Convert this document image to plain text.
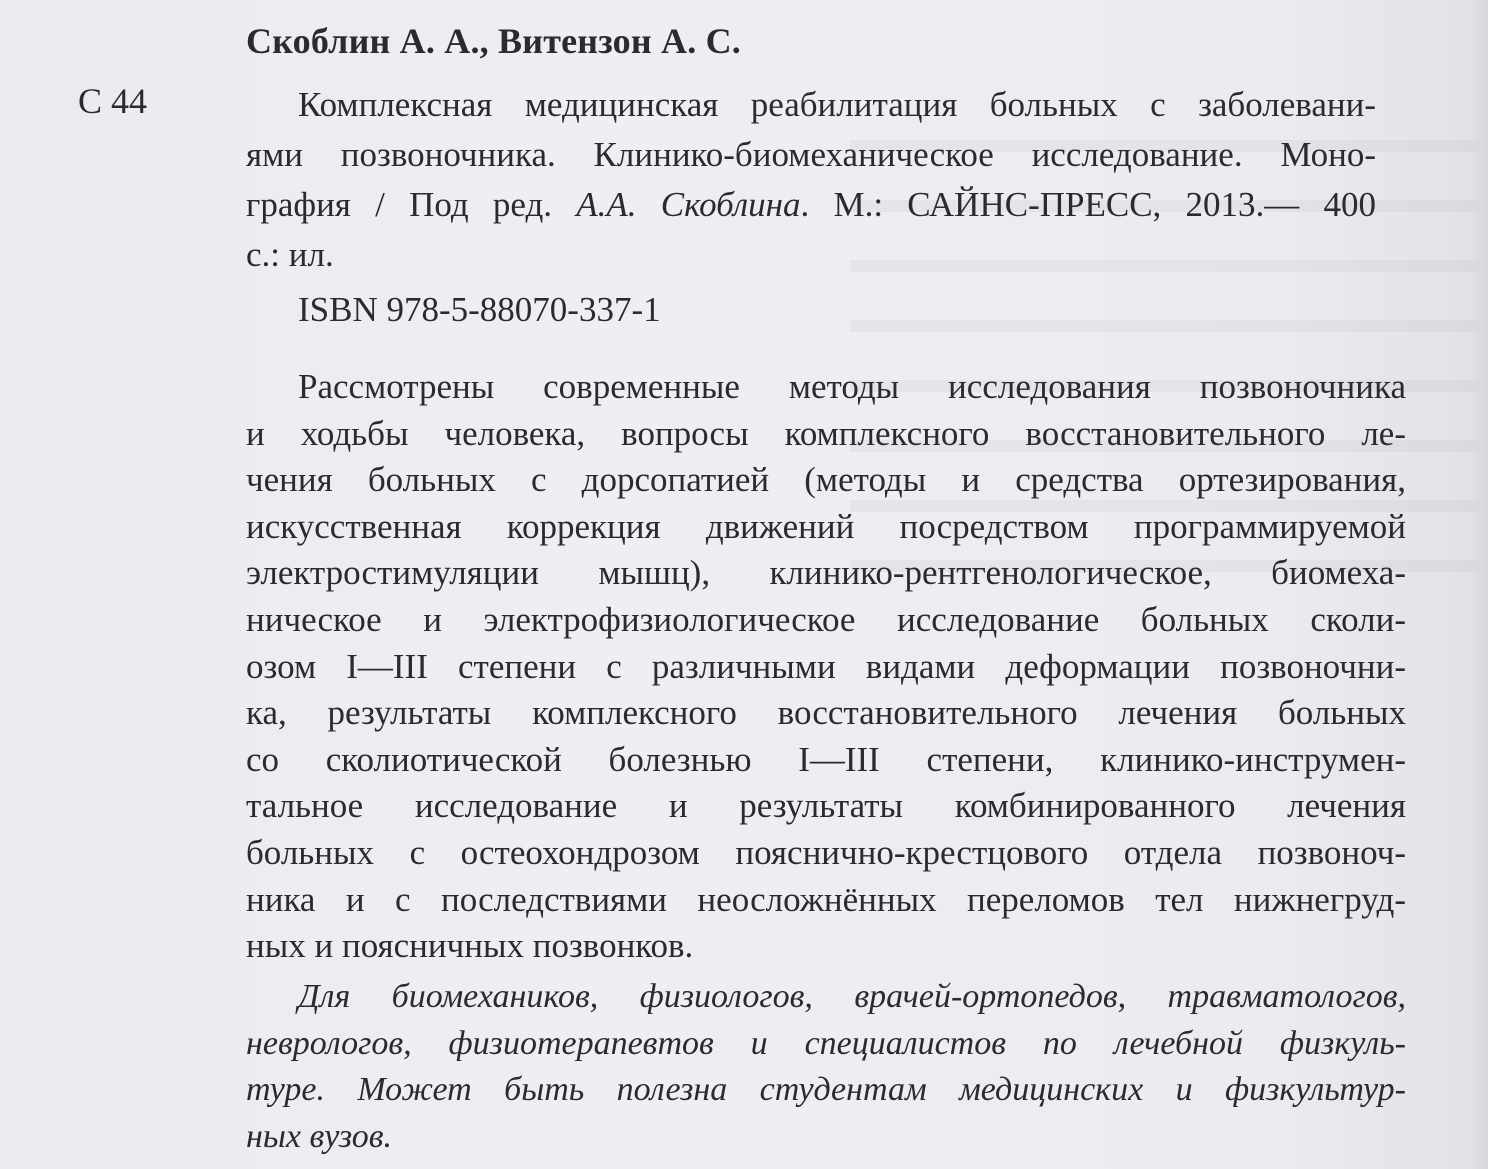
Скоблин А. А., Витензон А. С.

С 44	Комплексная медицинская реабилитация больных с заболевани-
ями позвоночника. Клинико-биомеханическое исследование. Моно-
графия / Под ред. А.А. Скоблина. М.: САЙНС-ПРЕСС, 2013.— 400
с.: ил.

ISBN 978-5-88070-337-1

Рассмотрены современные методы исследования позвоночника
и ходьбы человека, вопросы комплексного восстановительного ле-
чения больных с дорсопатией (методы и средства ортезирования,
искусственная коррекция движений посредством программируемой
электростимуляции мышц), клинико-рентгенологическое, биомеха-
ническое и электрофизиологическое исследование больных сколи-
озом I—III степени с различными видами деформации позвоночни-
ка, результаты комплексного восстановительного лечения больных
со сколиотической болезнью I—III степени, клинико-инструмен-
тальное исследование и результаты комбинированного лечения
больных с остеохондрозом пояснично-крестцового отдела позвоноч-
ника и с последствиями неосложнённых переломов тел нижнегруд-
ных и поясничных позвонков.
Для биомехаников, физиологов, врачей-ортопедов, травматологов,
неврологов, физиотерапевтов и специалистов по лечебной физкуль-
туре. Может быть полезна студентам медицинских и физкультур-
ных вузов.
